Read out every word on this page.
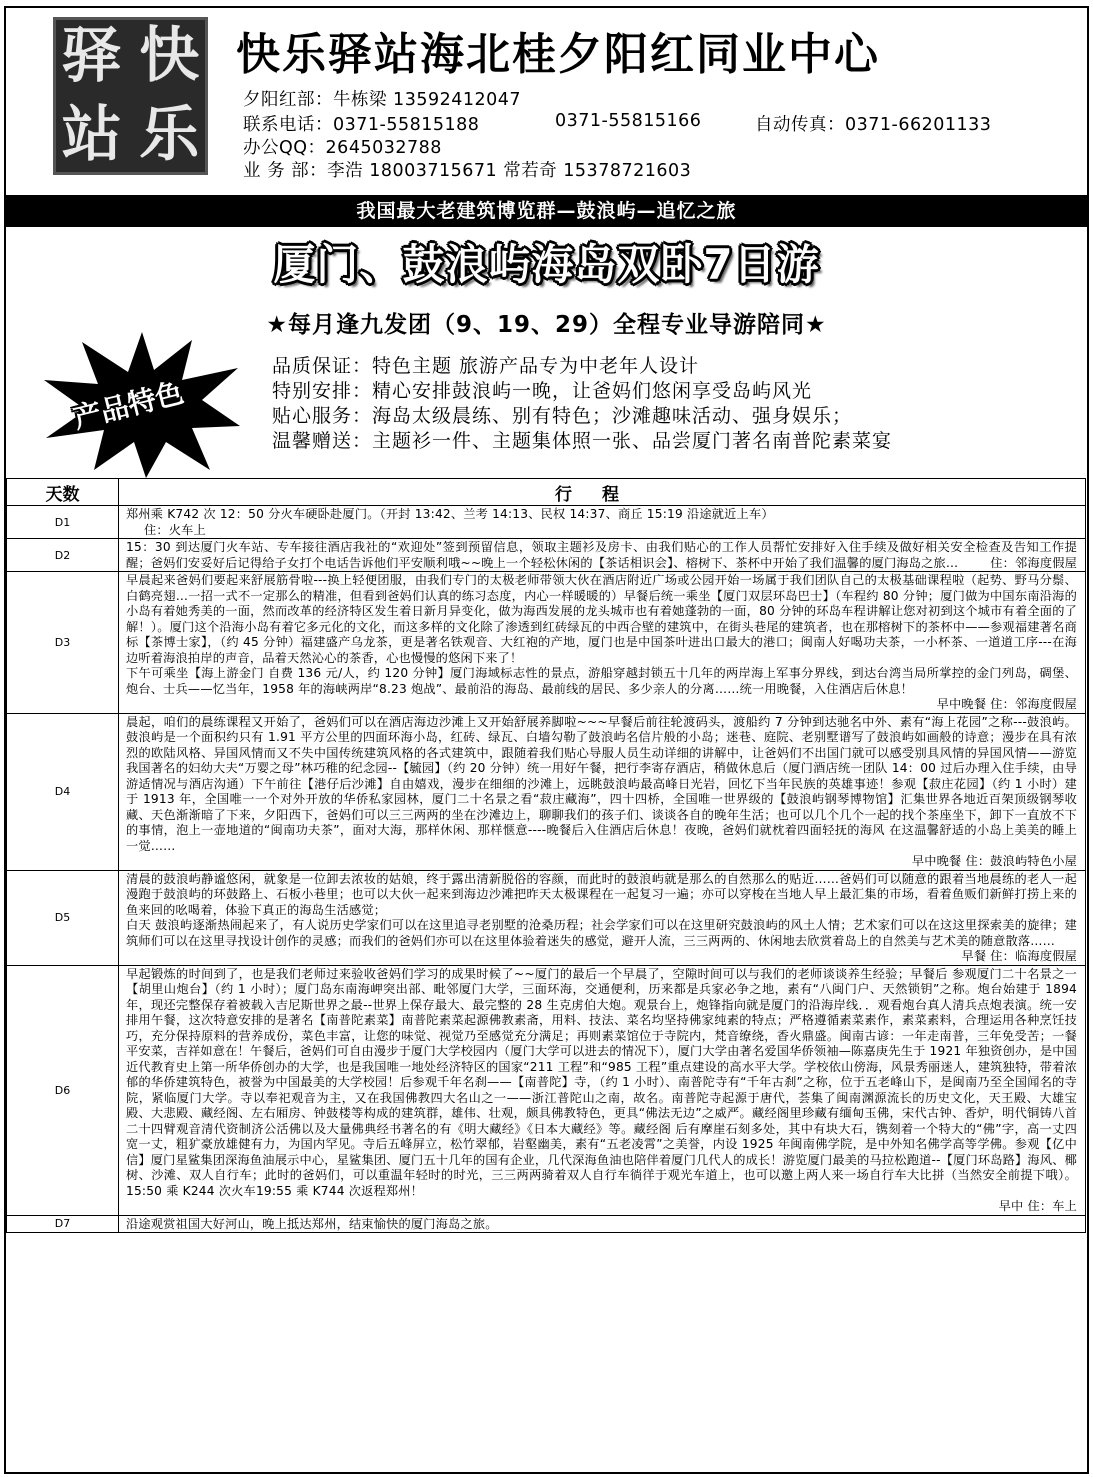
驿 快
站 乐
快乐驿站海北桂夕阳红同业中心
夕阳红部：牛栋梁 13592412047
联系电话：0371-55815188	0371-55815166	自动传真：0371-66201133
办公QQ：2645032788
业 务 部：李浩 18003715671 常若奇 15378721603
我国最大老建筑博览群—鼓浪屿—追忆之旅
厦门、鼓浪屿海岛双卧7日游
★每月逢九发团（9、19、29）全程专业导游陪同★
产品特色
品质保证：特色主题 旅游产品专为中老年人设计
特别安排：精心安排鼓浪屿一晚，让爸妈们悠闲享受岛屿风光
贴心服务：海岛太级晨练、别有特色；沙滩趣味活动、强身娱乐；
温馨赠送：主题衫一件、主题集体照一张、品尝厦门著名南普陀素菜宴
天数	行程
D1	郑州乘 K742 次 12：50 分火车硬卧赴厦门。（开封 13:42、兰考 14:13、民权 14:37、商丘 15:19 沿途就近上车）

住：火车上

D2	15：30 到达厦门火车站、专车接往酒店我社的“欢迎处”签到预留信息，领取主题衫及房卡、由我们贴心的工作人员帮忙安排好入住手续及做好相关安全检查及告知工作提醒；爸妈们安妥好后记得给子女打个电话告诉他们平安顺利哦~~晚上一个轻松休闲的【茶话相识会】、榕树下、茶杯中开始了我们温馨的厦门海岛之旅… 住：邻海度假屋

D3	早晨起来爸妈们要起来舒展筋骨啦---换上轻便团服，由我们专门的太极老师带领大伙在酒店附近广场或公园开始一场属于我们团队自己的太极基础课程啦（起势、野马分鬃、白鹤亮翅…一招一式不一定那么的精准，但看到爸妈们认真的练习态度，内心一样暖暖的）早餐后统一乘坐【厦门双层环岛巴士】（车程约 80 分钟；厦门做为中国东南沿海的小岛有着她秀美的一面，然而改革的经济特区发生着日新月异变化，做为海西发展的龙头城市也有着她蓬勃的一面，80 分钟的环岛车程讲解让您对初到这个城市有着全面的了解！）。厦门这个沿海小岛有着它多元化的文化，而这多样的文化除了渗透到红砖绿瓦的中西合壁的建筑中，在街头巷尾的建筑者，也在那榕树下的茶杯中——参观福建著名商标【茶博士家】，（约 45 分钟）福建盛产乌龙茶，更是著名铁观音、大红袍的产地，厦门也是中国茶叶进出口最大的港口；闽南人好喝功夫茶，一小杯茶、一道道工序---在海边听着海浪拍岸的声音，品着天然沁心的茶香，心也慢慢的悠闲下来了！

下午可乘坐【海上游金门 自费 136 元/人，约 120 分钟】厦门海域标志性的景点，游船穿越封锁五十几年的两岸海上军事分界线，到达台湾当局所掌控的金门列岛，碉堡、炮台、士兵——忆当年，1958 年的海峡两岸“8.23 炮战”、最前沿的海岛、最前线的居民、多少亲人的分离……统一用晚餐，入住酒店后休息！

早中晚餐 住：邻海度假屋

D4	晨起，咱们的晨练课程又开始了，爸妈们可以在酒店海边沙滩上又开始舒展养脚啦~~~早餐后前往轮渡码头，渡船约 7 分钟到达驰名中外、素有“海上花园”之称---鼓浪屿。鼓浪屿是一个面积约只有 1.91 平方公里的四面环海小岛，红砖、绿瓦、白墙勾勒了鼓浪屿名信片般的小岛；迷巷、庭院、老别墅谱写了鼓浪屿如画般的诗意；漫步在具有浓烈的欧陆风格、异国风情而又不失中国传统建筑风格的各式建筑中，跟随着我们贴心导服人员生动详细的讲解中，让爸妈们不出国门就可以感受别具风情的异国风情——游览我国著名的妇幼大夫“万婴之母”林巧稚的纪念园--【毓园】（约 20 分钟）统一用好午餐，把行李寄存酒店，稍做休息后（厦门酒店统一团队 14：00 过后办理入住手续，由导游适情况与酒店沟通）下午前往【港仔后沙滩】自由嬉戏，漫步在细细的沙滩上，远眺鼓浪屿最高峰日光岩，回忆下当年民族的英雄事迹！参观【菽庄花园】（约 1 小时）建于 1913 年，全国唯一一个对外开放的华侨私家园林，厦门二十名景之看“菽庄藏海”，四十四桥，全国唯一世界级的【鼓浪屿钢琴博物馆】汇集世界各地近百架顶级钢琴收藏、天色渐渐暗了下来，夕阳西下，爸妈们可以三三两两的坐在沙滩边上，聊聊我们的孩子们、谈谈各自的晚年生活；也可以几个几个一起的找个茶座坐下，卸下一直放不下的事情，泡上一壶地道的“闽南功夫茶”，面对大海，那样休闲、那样惬意----晚餐后入住酒店后休息！夜晚，爸妈们就枕着四面轻抚的海风 在这温馨舒适的小岛上美美的睡上一觉……

早中晚餐 住：鼓浪屿特色小屋

D5	清晨的鼓浪屿静谧悠闲，就象是一位卸去浓妆的姑娘，终于露出清新脱俗的容颜，而此时的鼓浪屿就是那么的自然那么的贴近……爸妈们可以随意的跟着当地晨练的老人一起漫跑于鼓浪屿的环鼓路上、石板小巷里；也可以大伙一起来到海边沙滩把昨天太极课程在一起复习一遍；亦可以穿梭在当地人早上最汇集的市场，看着鱼贩们新鲜打捞上来的鱼来回的吆喝着，体验下真正的海岛生活感觉；

白天 鼓浪屿逐渐热闹起来了，有人说历史学家们可以在这里追寻老别墅的沧桑历程；社会学家们可以在这里研究鼓浪屿的风土人情；艺术家们可以在这这里探索美的旋律；建筑师们可以在这里寻找设计创作的灵感；而我们的爸妈们亦可以在这里体验着迷失的感觉，避开人流，三三两两的、休闲地去欣赏着岛上的自然美与艺术美的随意散落……

早餐 住：临海度假屋

D6	早起锻炼的时间到了，也是我们老师过来验收爸妈们学习的成果时候了~~厦门的最后一个早晨了，空隙时间可以与我们的老师谈谈养生经验；早餐后 参观厦门二十名景之一【胡里山炮台】（约 1 小时）；厦门岛东南海岬突出部、毗邻厦门大学，三面环海，交通便利，历来都是兵家必争之地，素有“八闽门户、天然锁钥”之称。炮台始建于 1894 年，现还完整保存着被载入吉尼斯世界之最--世界上保存最大、最完整的 28 生克虏伯大炮。观景台上，炮锋指向就是厦门的沿海岸线．．观看炮台真人清兵点炮表演。统一安排用午餐，这次特意安排的是著名【南普陀素菜】南普陀素菜起源佛教素斋，用料、技法、菜名均坚持佛家纯素的特点；严格遵循素菜素作，素菜素料，合理运用各种烹饪技巧，充分保持原料的营养成份，菜色丰富，让您的味觉、视觉乃至感觉充分满足；再则素菜馆位于寺院内，梵音缭绕，香火鼎盛。闽南古谚：一年走南普，三年免受苦；一餐平安菜，吉祥如意在！午餐后，爸妈们可自由漫步于厦门大学校园内（厦门大学可以进去的情况下），厦门大学由著名爱国华侨领袖—陈嘉庚先生于 1921 年独资创办，是中国近代教育史上第一所华侨创办的大学，也是我国唯一地处经济特区的国家“211 工程”和“985 工程”重点建设的高水平大学。学校依山傍海，风景秀丽迷人，建筑独特，带着浓郁的华侨建筑特色，被誉为中国最美的大学校园！后参观千年名刹——【南普陀】寺，（约 1 小时）、南普陀寺有“千年古刹”之称，位于五老峰山下，是闽南乃至全国闻名的寺院，紧临厦门大学。寺以奉祀观音为主，又在我国佛教四大名山之一——浙江普陀山之南，故名。南普陀寺起源于唐代，荟集了闽南渊源流长的历史文化，天王殿、大雄宝殿、大悲殿、藏经阁、左右厢房、钟鼓楼等构成的建筑群，雄伟、壮观，颇具佛教特色，更具“佛法无边”之威严。藏经阁里珍藏有缅甸玉佛，宋代古钟、香炉，明代铜铸八首二十四臂观音清代资制济公活佛以及大量佛典经书著名的有《明大藏经》《日本大藏经》等。藏经阁 后有摩崖石刻多处，其中有块大石，镌刻着一个特大的“佛”字，高一丈四宽一丈，粗犷豪放雄健有力，为国内罕见。寺后五峰屏立，松竹翠郁，岩壑幽美，素有“五老凌霄”之美誉，内设 1925 年闽南佛学院，是中外知名佛学高等学佛。参观【亿中信】厦门星鲨集团深海鱼油展示中心，星鲨集团、厦门五十几年的国有企业，几代深海鱼油也陪伴着厦门几代人的成长！游览厦门最美的马拉松跑道--【厦门环岛路】海风、椰树、沙滩、双人自行车；此时的爸妈们，可以重温年轻时的时光，三三两两骑着双人自行车徜徉于观光车道上，也可以邀上两人来一场自行车大比拼（当然安全前提下哦）。15:50 乘 K244 次火车19:55 乘 K744 次返程郑州！

早中 住：车上

D7	沿途观赏祖国大好河山，晚上抵达郑州，结束愉快的厦门海岛之旅。
